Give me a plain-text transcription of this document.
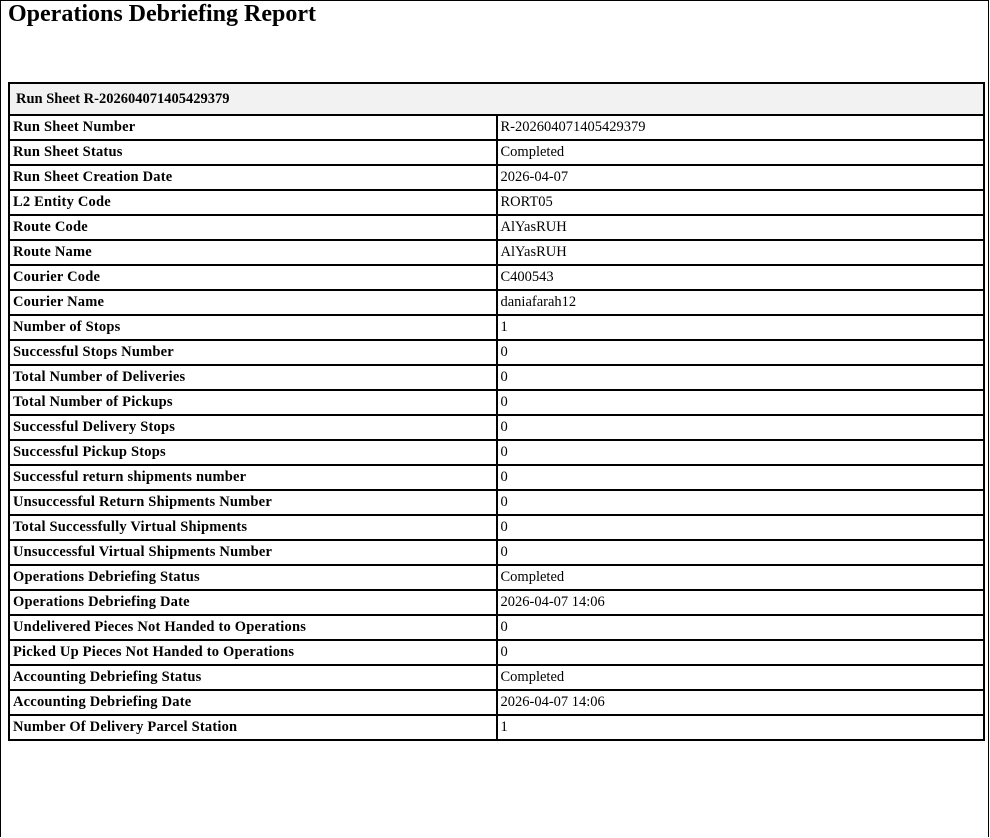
Operations Debriefing Report
Run Sheet R-202604071405429379	
Run Sheet Number	R-202604071405429379
Run Sheet Status	Completed
Run Sheet Creation Date	2026-04-07
L2 Entity Code	RORT05
Route Code	AlYasRUH
Route Name	AlYasRUH
Courier Code	C400543
Courier Name	daniafarah12
Number of Stops	1
Successful Stops Number	0
Total Number of Deliveries	0
Total Number of Pickups	0
Successful Delivery Stops	0
Successful Pickup Stops	0
Successful return shipments number	0
Unsuccessful Return Shipments Number	0
Total Successfully Virtual Shipments	0
Unsuccessful Virtual Shipments Number	0
Operations Debriefing Status	Completed
Operations Debriefing Date	2026-04-07 14:06
Undelivered Pieces Not Handed to Operations	0
Picked Up Pieces Not Handed to Operations	0
Accounting Debriefing Status	Completed
Accounting Debriefing Date	2026-04-07 14:06
Number Of Delivery Parcel Station	1
